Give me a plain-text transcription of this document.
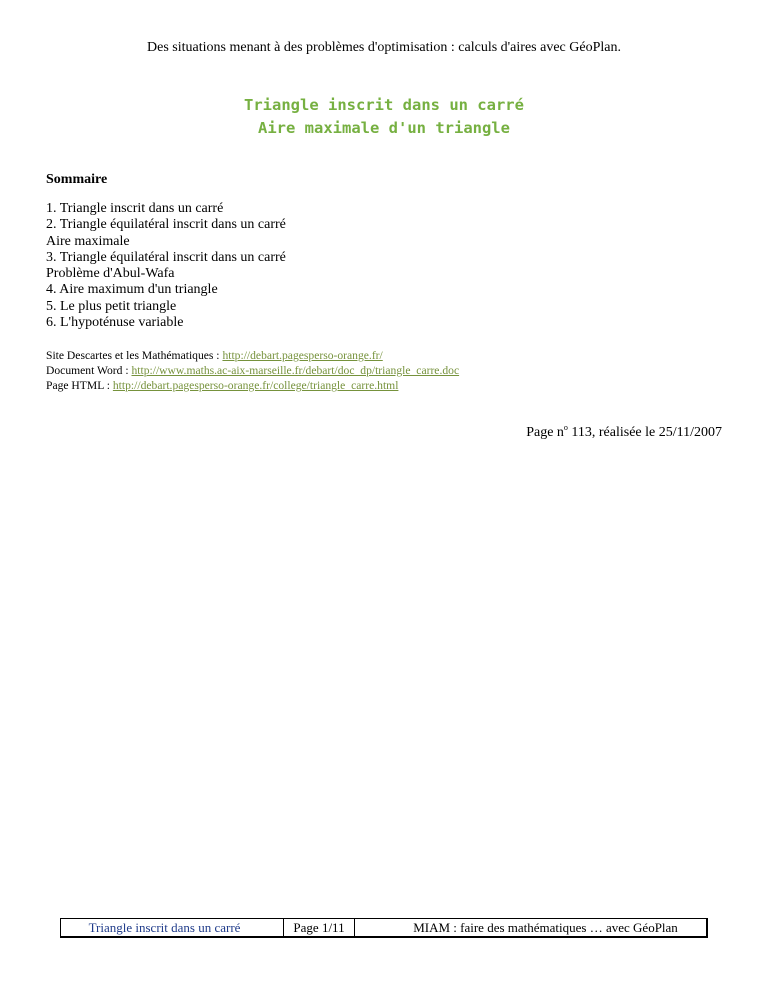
Des situations menant à des problèmes d'optimisation : calculs d'aires avec GéoPlan.
Triangle inscrit dans un carré
Aire maximale d'un triangle
Sommaire
1. Triangle inscrit dans un carré
2. Triangle équilatéral inscrit dans un carré
Aire maximale
3. Triangle équilatéral inscrit dans un carré
Problème d'Abul-Wafa
4. Aire maximum d'un triangle
5. Le plus petit triangle
6. L'hypoténuse variable
Site Descartes et les Mathématiques : http://debart.pagesperso-orange.fr/
Document Word : http://www.maths.ac-aix-marseille.fr/debart/doc_dp/triangle_carre.doc
Page HTML : http://debart.pagesperso-orange.fr/college/triangle_carre.html
Page $n^o$ 113, réalisée le 25/11/2007
Triangle inscrit dans un carré	Page 1/11	MIAM : faire des mathématiques … avec GéoPlan
